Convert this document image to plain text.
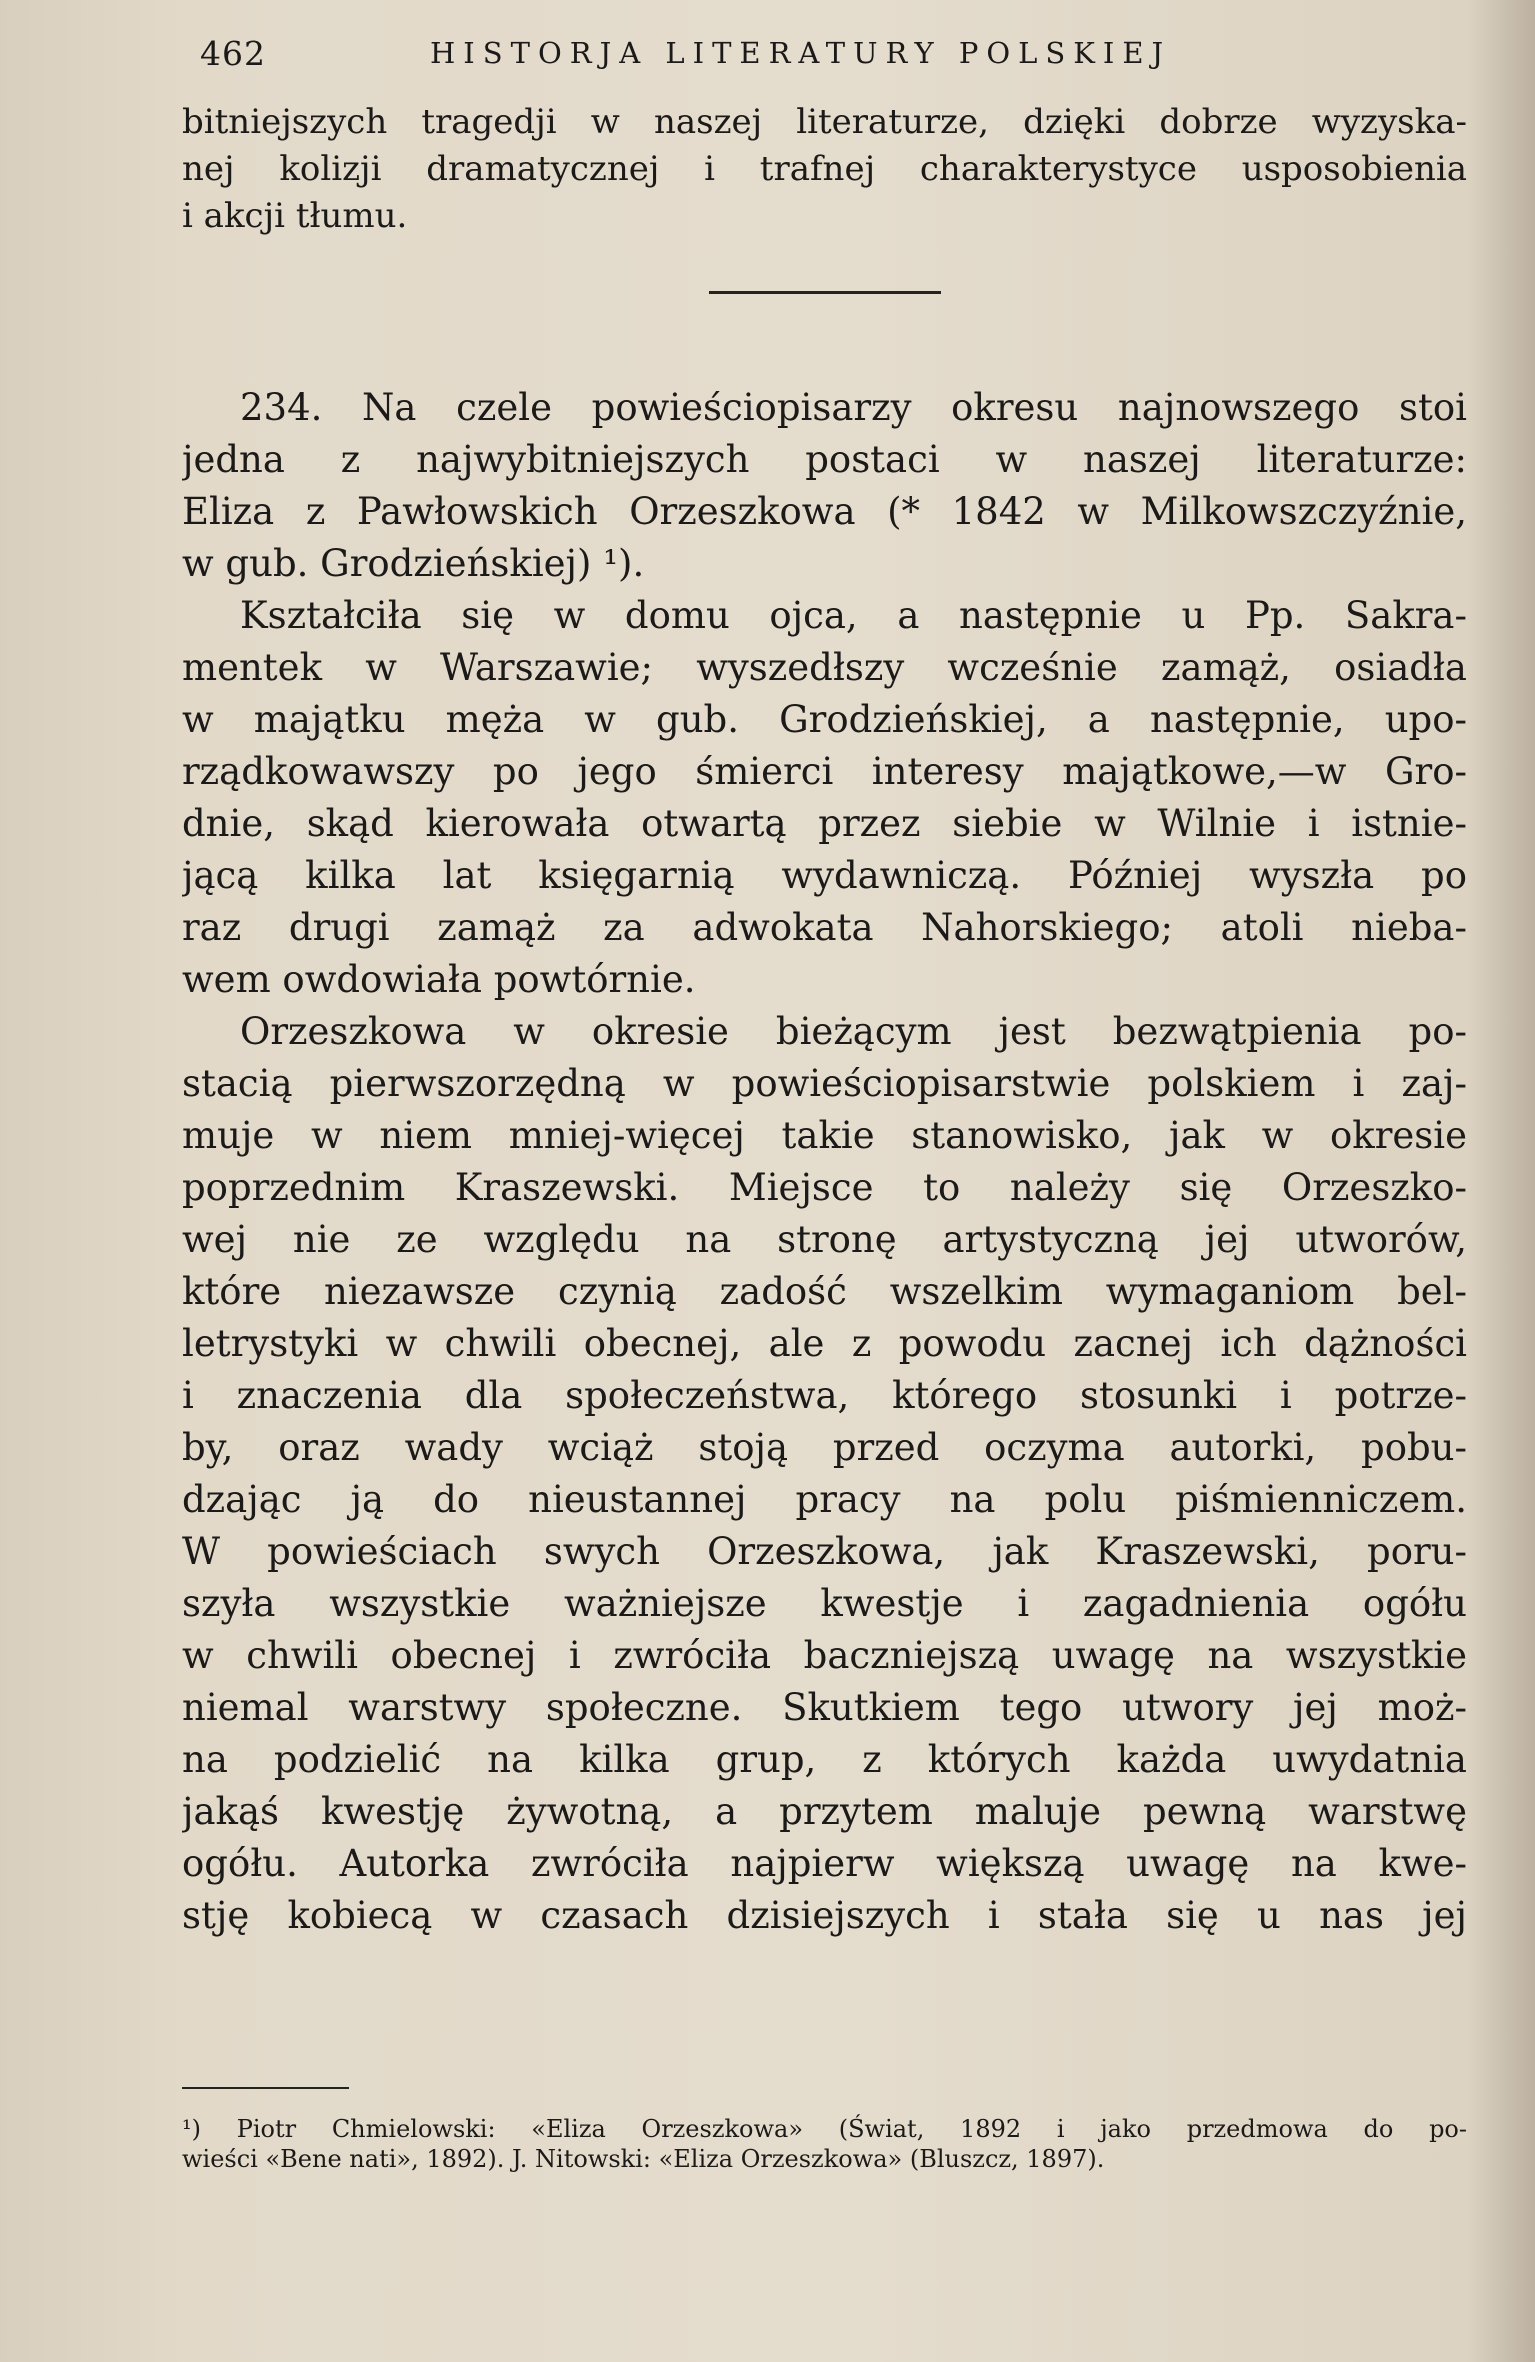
462	HISTORJA LITERATURY POLSKIEJ
bitniejszych tragedji w naszej literaturze, dzięki dobrze wyzyska-
nej kolizji dramatycznej i trafnej charakterystyce usposobienia
i akcji tłumu.
234. Na czele powieściopisarzy okresu najnowszego stoi
jedna z najwybitniejszych postaci w naszej literaturze:
Eliza z Pawłowskich Orzeszkowa (* 1842 w Milkowszczyźnie,
w gub. Grodzieńskiej) ¹).
Kształciła się w domu ojca, a następnie u Pp. Sakra-
mentek w Warszawie; wyszedłszy wcześnie zamąż, osiadła
w majątku męża w gub. Grodzieńskiej, a następnie, upo-
rządkowawszy po jego śmierci interesy majątkowe,—w Gro-
dnie, skąd kierowała otwartą przez siebie w Wilnie i istnie-
jącą kilka lat księgarnią wydawniczą. Później wyszła po
raz drugi zamąż za adwokata Nahorskiego; atoli nieba-
wem owdowiała powtórnie.
Orzeszkowa w okresie bieżącym jest bezwątpienia po-
stacią pierwszorzędną w powieściopisarstwie polskiem i zaj-
muje w niem mniej-więcej takie stanowisko, jak w okresie
poprzednim Kraszewski. Miejsce to należy się Orzeszko-
wej nie ze względu na stronę artystyczną jej utworów,
które niezawsze czynią zadość wszelkim wymaganiom bel-
letrystyki w chwili obecnej, ale z powodu zacnej ich dążności
i znaczenia dla społeczeństwa, którego stosunki i potrze-
by, oraz wady wciąż stoją przed oczyma autorki, pobu-
dzając ją do nieustannej pracy na polu piśmienniczem.
W powieściach swych Orzeszkowa, jak Kraszewski, poru-
szyła wszystkie ważniejsze kwestje i zagadnienia ogółu
w chwili obecnej i zwróciła baczniejszą uwagę na wszystkie
niemal warstwy społeczne. Skutkiem tego utwory jej moż-
na podzielić na kilka grup, z których każda uwydatnia
jakąś kwestję żywotną, a przytem maluje pewną warstwę
ogółu. Autorka zwróciła najpierw większą uwagę na kwe-
stję kobiecą w czasach dzisiejszych i stała się u nas jej
¹) Piotr Chmielowski: «Eliza Orzeszkowa» (Świat, 1892 i jako przedmowa do po-
wieści «Bene nati», 1892). J. Nitowski: «Eliza Orzeszkowa» (Bluszcz, 1897).
